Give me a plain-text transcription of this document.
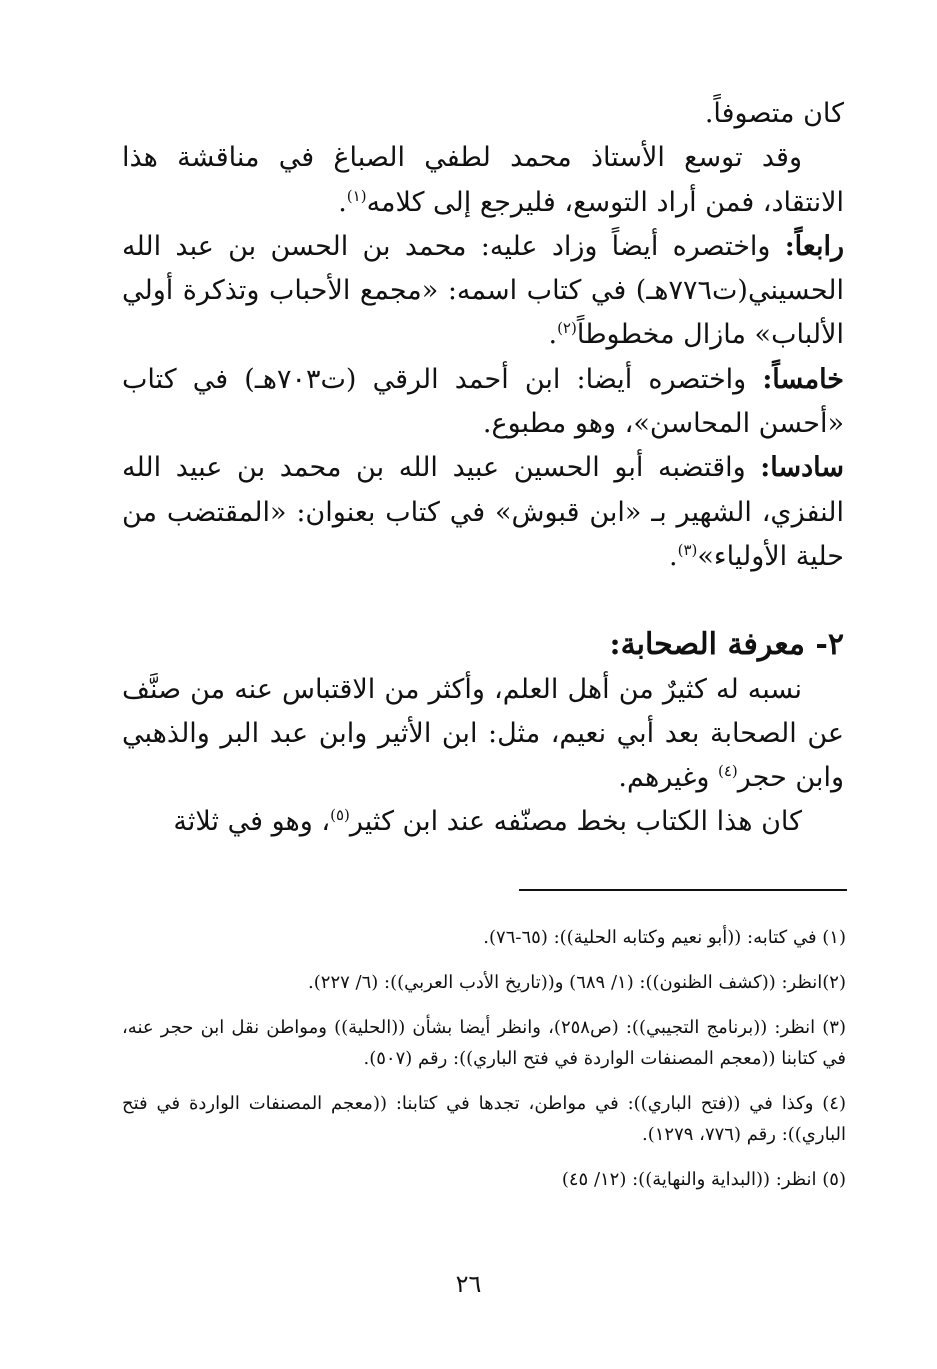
كان متصوفاً.

وقد توسع الأستاذ محمد لطفي الصباغ في مناقشة هذا الانتقاد، فمن أراد التوسع، فليرجع إلى كلامه$^{(١)}$.

رابعاً: واختصره أيضاً وزاد عليه: محمد بن الحسن بن عبد الله الحسيني(ت٧٧٦هـ) في كتاب اسمه: «مجمع الأحباب وتذكرة أولي الألباب» مازال مخطوطاً$^{(٢)}$.

خامساً: واختصره أيضا: ابن أحمد الرقي (ت٧٠٣هـ) في كتاب «أحسن المحاسن»، وهو مطبوع.

سادسا: واقتضبه أبو الحسين عبيد الله بن محمد بن عبيد الله النفزي، الشهير بـ «ابن قبوش» في كتاب بعنوان: «المقتضب من حلية الأولياء»$^{(٣)}$.

٢- معرفة الصحابة:

نسبه له كثيرٌ من أهل العلم، وأكثر من الاقتباس عنه من صنَّف عن الصحابة بعد أبي نعيم، مثل: ابن الأثير وابن عبد البر والذهبي وابن حجر$^{(٤)}$ وغيرهم.

كان هذا الكتاب بخط مصنّفه عند ابن كثير$^{(٥)}$، وهو في ثلاثة

(١) في كتابه: ((أبو نعيم وكتابه الحلية)): (٦٥-٧٦).

(٢)انظر: ((كشف الظنون)): (١/ ٦٨٩) و((تاريخ الأدب العربي)): (٦/ ٢٢٧).

(٣) انظر: ((برنامج التجيبي)): (ص٢٥٨)، وانظر أيضا بشأن ((الحلية)) ومواطن نقل ابن حجر عنه، في كتابنا ((معجم المصنفات الواردة في فتح الباري)): رقم (٥٠٧).

(٤) وكذا في ((فتح الباري)): في مواطن، تجدها في كتابنا: ((معجم المصنفات الواردة في فتح الباري)): رقم (٧٧٦، ١٢٧٩).

(٥) انظر: ((البداية والنهاية)): (١٢/ ٤٥)

٢٦
